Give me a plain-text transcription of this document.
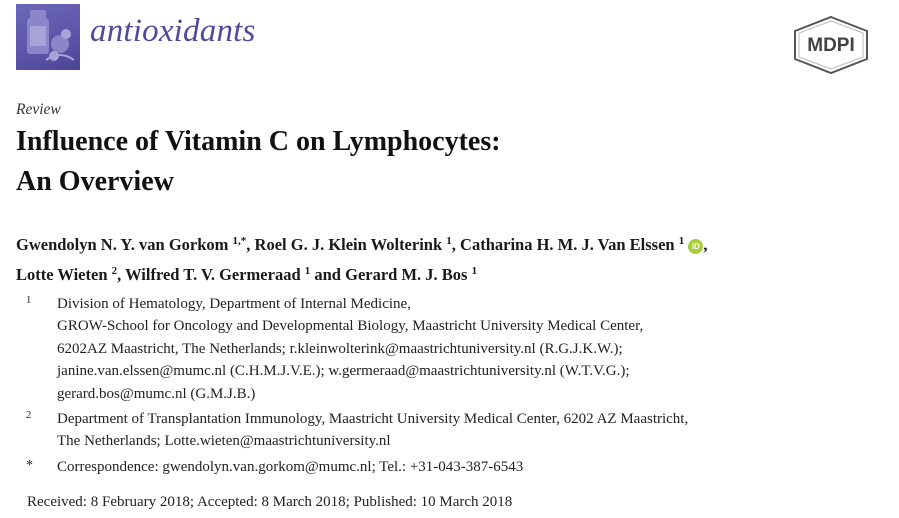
antioxidants	MDPI
Review
Influence of Vitamin C on Lymphocytes:
An Overview
Gwendolyn N. Y. van Gorkom $^{1,*}$, Roel G. J. Klein Wolterink $^1$, Catharina H. M. J. Van Elssen $^1$ iD ,
Lotte Wieten $^2$, Wilfred T. V. Germeraad $^1$ and Gerard M. J. Bos $^1$
1 Division of Hematology, Department of Internal Medicine,
GROW-School for Oncology and Developmental Biology, Maastricht University Medical Center,
6202AZ Maastricht, The Netherlands; r.kleinwolterink@maastrichtuniversity.nl (R.G.J.K.W.);
janine.van.elssen@mumc.nl (C.H.M.J.V.E.); w.germeraad@maastrichtuniversity.nl (W.T.V.G.);
gerard.bos@mumc.nl (G.M.J.B.)
2 Department of Transplantation Immunology, Maastricht University Medical Center, 6202 AZ Maastricht,
The Netherlands; Lotte.wieten@maastrichtuniversity.nl
* Correspondence: gwendolyn.van.gorkom@mumc.nl; Tel.: +31-043-387-6543
Received: 8 February 2018; Accepted: 8 March 2018; Published: 10 March 2018
